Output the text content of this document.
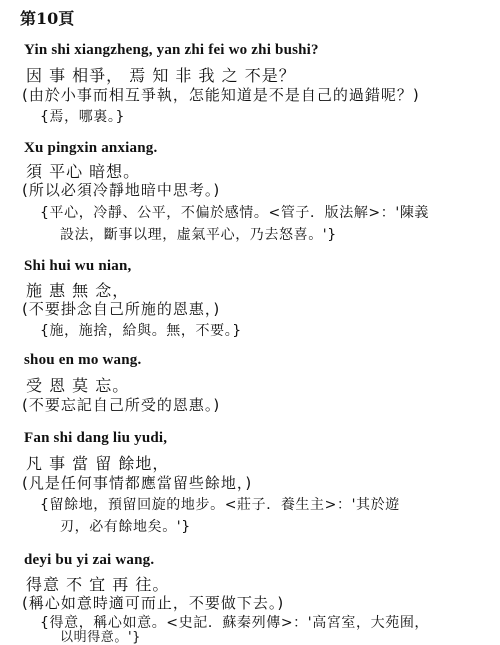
第10頁
Yin shi xiangzheng, yan zhi fei wo zhi bushi?
因 事 相爭， 焉 知 非 我 之 不是？
(由於小事而相互爭執，怎能知道是不是自己的過錯呢？)
{焉，哪裏。}
Xu pingxin anxiang.
須 平心 暗想。
(所以必須冷靜地暗中思考。)
{平心，冷靜、公平，不偏於感情。<管子．版法解>：'陳義
設法，斷事以理，虛氣平心，乃去怒喜。'}
Shi hui wu nian,
施 惠 無 念，
(不要掛念自己所施的恩惠，)
{施，施捨，給與。無，不要。}
shou en mo wang.
受 恩 莫 忘。
(不要忘記自己所受的恩惠。)
Fan shi dang liu yudi,
凡 事 當 留 餘地，
(凡是任何事情都應當留些餘地，)
{留餘地，預留回旋的地步。<莊子．養生主>：'其於遊
刃，必有餘地矣。'}
deyi bu yi zai wang.
得意 不 宜 再 往。
(稱心如意時適可而止，不要做下去。)
{得意，稱心如意。<史記．蘇秦列傳>：'高宮室，大苑囿，
以明得意。'}
